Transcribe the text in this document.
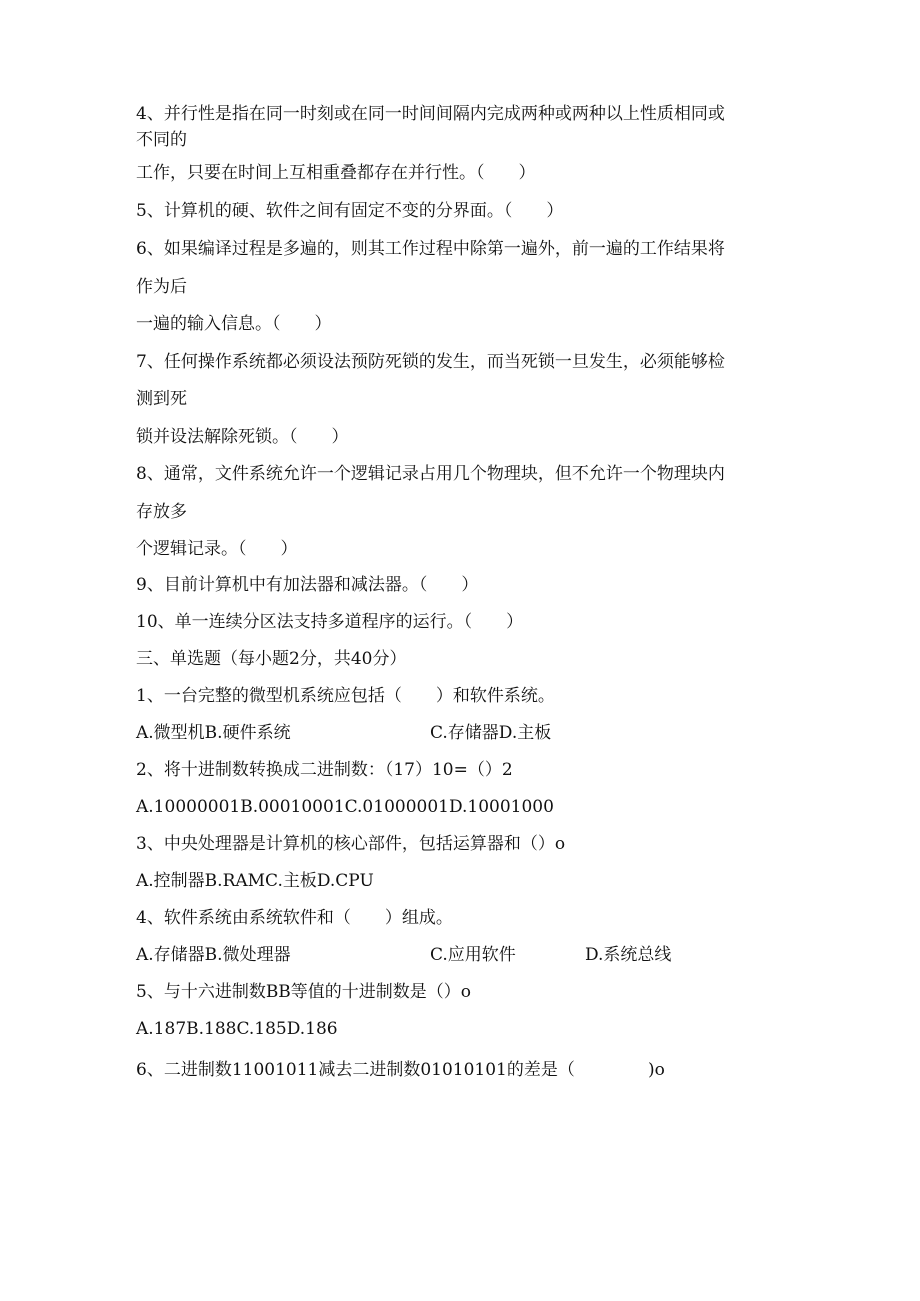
4、并行性是指在同一时刻或在同一时间间隔内完成两种或两种以上性质相同或
不同的
工作，只要在时间上互相重叠都存在并行性。（　　）
5、计算机的硬、软件之间有固定不变的分界面。（　　）
6、如果编译过程是多遍的，则其工作过程中除第一遍外，前一遍的工作结果将
作为后
一遍的输入信息。（　　）
7、任何操作系统都必须设法预防死锁的发生，而当死锁一旦发生，必须能够检
测到死
锁并设法解除死锁。（　　）
8、通常，文件系统允许一个逻辑记录占用几个物理块，但不允许一个物理块内
存放多
个逻辑记录。（　　）
9、目前计算机中有加法器和减法器。（　　）
10、单一连续分区法支持多道程序的运行。（　　）
三、单选题（每小题2分，共40分）
1、一台完整的微型机系统应包括（　　）和软件系统。
A.微型机B.硬件系统	C.存储器D.主板
2、将十进制数转换成二进制数：（17）10=（）2
A.10000001B.00010001C.01000001D.10001000
3、中央处理器是计算机的核心部件，包括运算器和（）o
A.控制器B.RAMC.主板D.CPU
4、软件系统由系统软件和（　　）组成。
A.存储器B.微处理器	C.应用软件	D.系统总线
5、与十六进制数BB等值的十进制数是（）o
A.187B.188C.185D.186
6、二进制数11001011减去二进制数01010101的差是（	)o
